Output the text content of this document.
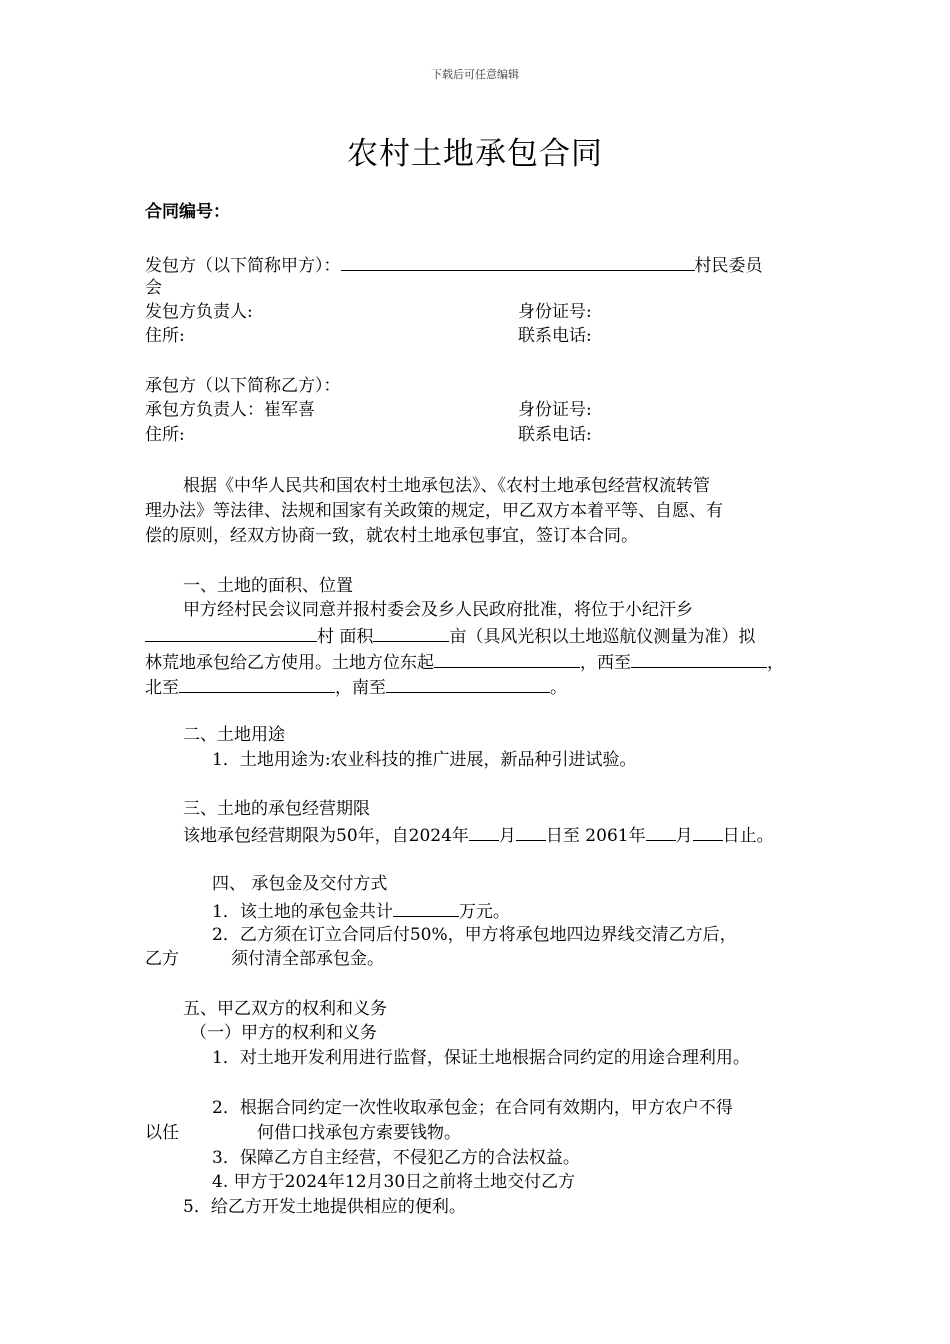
下载后可任意编辑
农村土地承包合同
合同编号：
发包方（以下简称甲方）：	村民委员
会
发包方负责人:	身份证号:
住所:	联系电话:
承包方（以下简称乙方）：
承包方负责人：崔军喜	身份证号:
住所:	联系电话:
根据《中华人民共和国农村土地承包法》、《农村土地承包经营权流转管
理办法》等法律、法规和国家有关政策的规定，甲乙双方本着平等、自愿、有
偿的原则，经双方协商一致，就农村土地承包事宜，签订本合同。
一、土地的面积、位置
甲方经村民会议同意并报村委会及乡人民政府批准，将位于小纪汗乡
村 面积	亩（具风光积以土地巡航仪测量为准）拟
林荒地承包给乙方使用。土地方位东起	，西至	，
北至	，南至	。
二、土地用途
1．土地用途为:农业科技的推广进展，新品种引进试验。
三、土地的承包经营期限
该地承包经营期限为50年，自2024年 月 日至 2061年 月 日止。
四、 承包金及交付方式
1．该土地的承包金共计	万元。
2．乙方须在订立合同后付50%，甲方将承包地四边界线交清乙方后，
乙方	须付清全部承包金。
五、甲乙双方的权利和义务
（一）甲方的权利和义务
1．对土地开发利用进行监督，保证土地根据合同约定的用途合理利用。
2．根据合同约定一次性收取承包金；在合同有效期内，甲方农户不得
以任	何借口找承包方索要钱物。
3．保障乙方自主经营，不侵犯乙方的合法权益。
4. 甲方于2024年12月30日之前将土地交付乙方
5．给乙方开发土地提供相应的便利。
